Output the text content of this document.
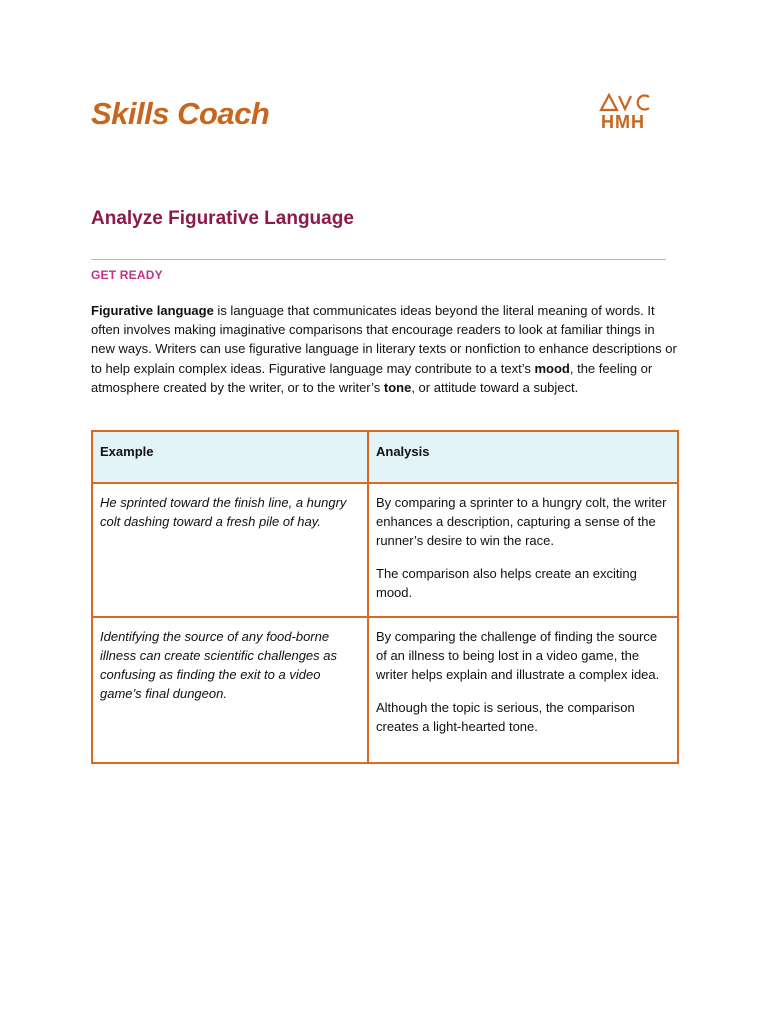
Skills Coach	HMH
Analyze Figurative Language
GET READY

Figurative language is language that communicates ideas beyond the literal meaning of words. It often involves making imaginative comparisons that encourage readers to look at familiar things in new ways. Writers can use figurative language in literary texts or nonfiction to enhance descriptions or to help explain complex ideas. Figurative language may contribute to a text’s mood, the feeling or atmosphere created by the writer, or to the writer’s tone, or attitude toward a subject.

Example	Analysis
He sprinted toward the finish line, a hungry colt dashing toward a fresh pile of hay.	By comparing a sprinter to a hungry colt, the writer enhances a description, capturing a sense of the runner’s desire to win the race.

The comparison also helps create an exciting mood.

Identifying the source of any food-borne illness can create scientific challenges as confusing as finding the exit to a video game’s final dungeon.	By comparing the challenge of finding the source of an illness to being lost in a video game, the writer helps explain and illustrate a complex idea.

Although the topic is serious, the comparison creates a light-hearted tone.
